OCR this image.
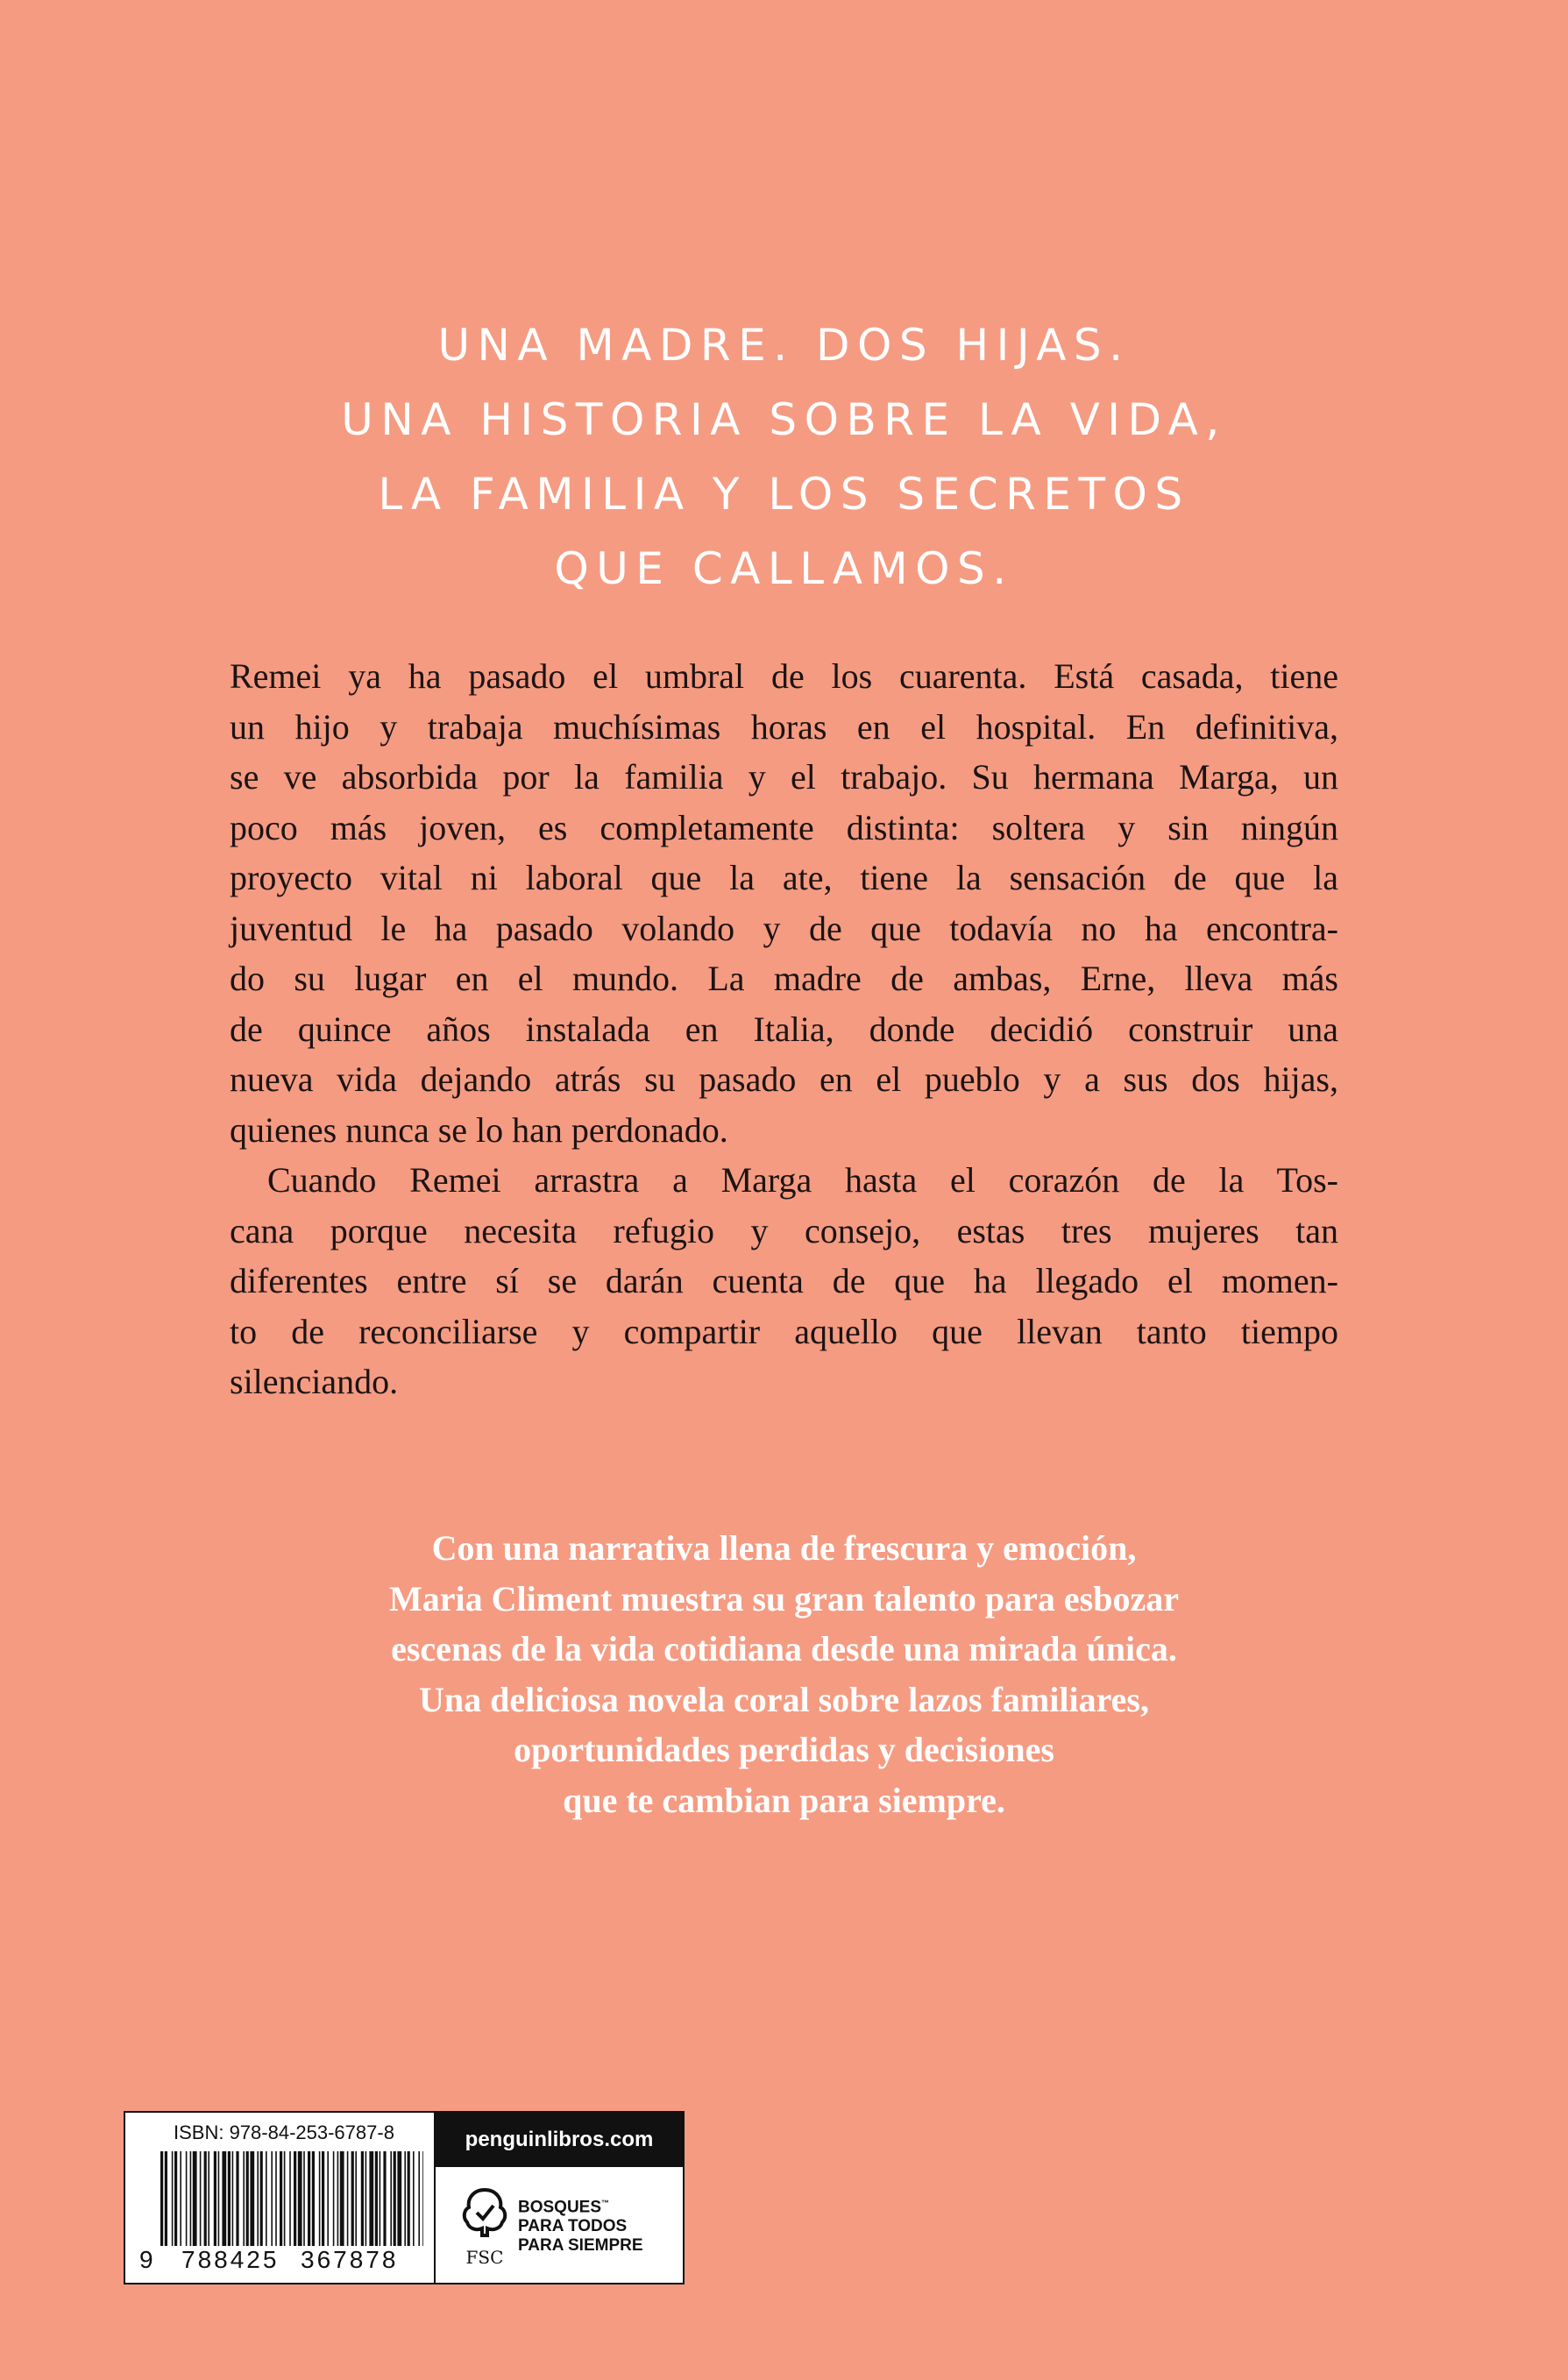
UNA MADRE. DOS HIJAS.
UNA HISTORIA SOBRE LA VIDA,
LA FAMILIA Y LOS SECRETOS
QUE CALLAMOS.
Remei ya ha pasado el umbral de los cuarenta. Está casada, tiene
un hijo y trabaja muchísimas horas en el hospital. En definitiva,
se ve absorbida por la familia y el trabajo. Su hermana Marga, un
poco más joven, es completamente distinta: soltera y sin ningún
proyecto vital ni laboral que la ate, tiene la sensación de que la
juventud le ha pasado volando y de que todavía no ha encontra-
do su lugar en el mundo. La madre de ambas, Erne, lleva más
de quince años instalada en Italia, donde decidió construir una
nueva vida dejando atrás su pasado en el pueblo y a sus dos hijas,
quienes nunca se lo han perdonado.
Cuando Remei arrastra a Marga hasta el corazón de la Tos-
cana porque necesita refugio y consejo, estas tres mujeres tan
diferentes entre sí se darán cuenta de que ha llegado el momen-
to de reconciliarse y compartir aquello que llevan tanto tiempo
silenciando.
Con una narrativa llena de frescura y emoción,
Maria Climent muestra su gran talento para esbozar
escenas de la vida cotidiana desde una mirada única.
Una deliciosa novela coral sobre lazos familiares,
oportunidades perdidas y decisiones
que te cambian para siempre.
ISBN: 978-84-253-6787-8
9 788425 367878
penguinlibros.com
FSC
BOSQUES™
PARA TODOS
PARA SIEMPRE
